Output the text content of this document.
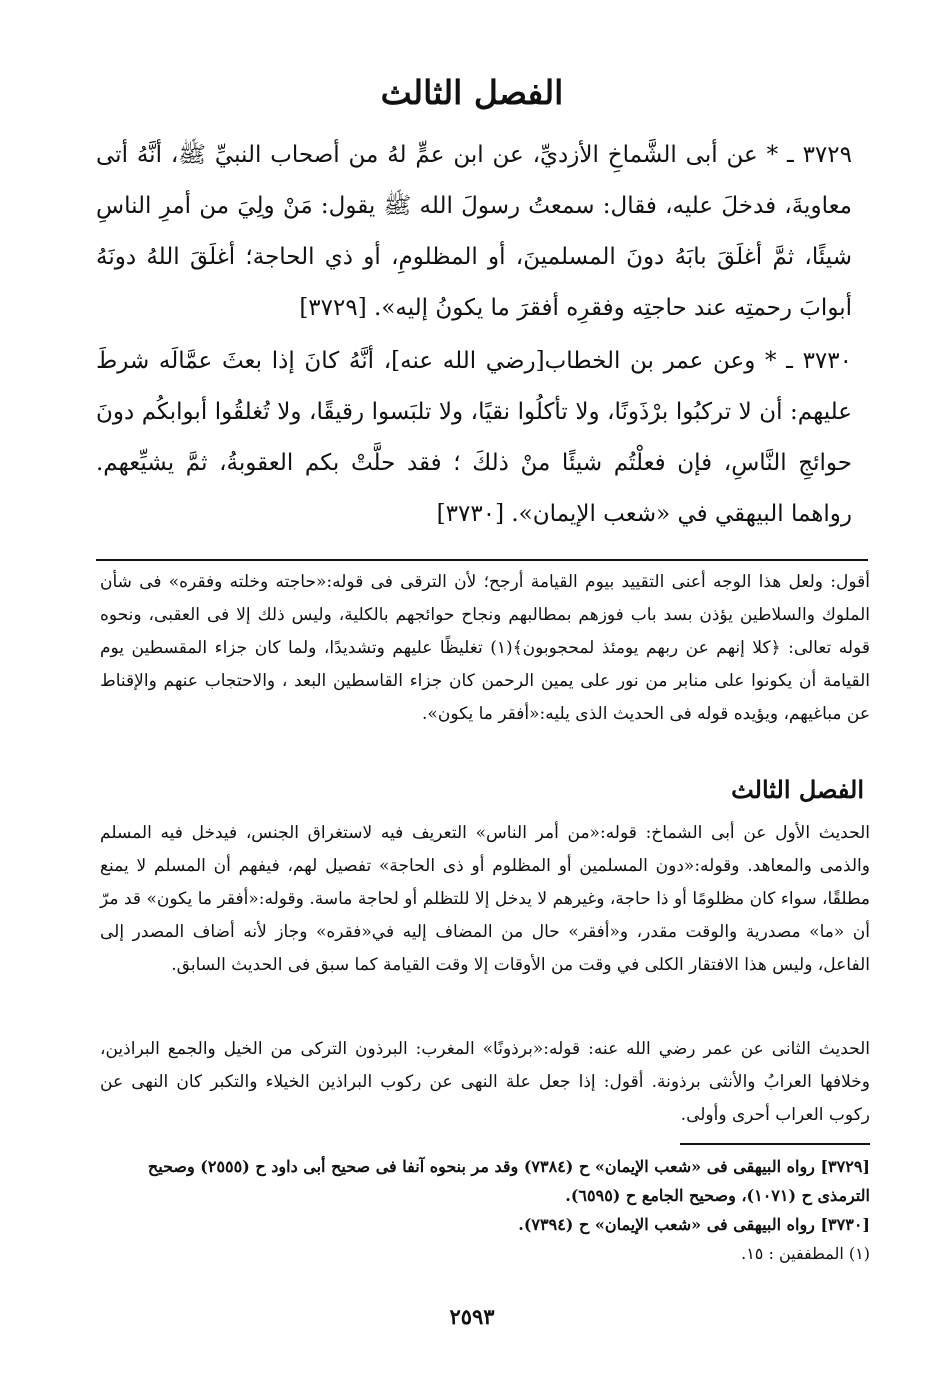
الفصل الثالث

٣٧٢٩ ـ * عن أبى الشَّماخِ الأزديِّ، عن ابن عمٍّ لهُ من أصحاب النبيِّ ﷺ، أنَّهُ أتى معاويةَ، فدخلَ عليه، فقال: سمعتُ رسولَ الله ﷺ يقول: مَنْ ولِيَ من أمرِ الناسِ شيئًا، ثمَّ أغلَقَ بابَهُ دونَ المسلمينَ، أو المظلومِ، أو ذي الحاجة؛ أغلَقَ اللهُ دونَهُ أبوابَ رحمتِه عند حاجتِه وفقرِه أفقرَ ما يكونُ إليه». [٣٧٢٩]

٣٧٣٠ ـ * وعن عمر بن الخطاب[رضي الله عنه]، أنَّهُ كانَ إذا بعثَ عمَّالَه شرطَ عليهم: أن لا تركبُوا برْذَونًا، ولا تأكلُوا نقيًا، ولا تلبَسوا رقيقًا، ولا تُغلقُوا أبوابكُم دونَ حوائجِ النَّاسِ، فإن فعلْتُم شيئًا منْ ذلكَ ؛ فقد حلَّتْ بكم العقوبةُ، ثمَّ يشيِّعهم. رواهما البيهقي في «شعب الإيمان». [٣٧٣٠]

أقول: ولعل هذا الوجه أعنى التقييد بيوم القيامة أرجح؛ لأن الترقى فى قوله:«حاجته وخلته وفقره» فى شأن الملوك والسلاطين يؤذن بسد باب فوزهم بمطالبهم ونجاح حوائجهم بالكلية، وليس ذلك إلا فى العقبى، ونحوه قوله تعالى: ﴿كلا إنهم عن ربهم يومئذ لمحجوبون﴾(١) تغليظًا عليهم وتشديدًا، ولما كان جزاء المقسطين يوم القيامة أن يكونوا على منابر من نور على يمين الرحمن كان جزاء القاسطين البعد ، والاحتجاب عنهم والإقناط عن مباغيهم، ويؤيده قوله فى الحديث الذى يليه:«أفقر ما يكون».

الفصل الثالث

الحديث الأول عن أبى الشماخ: قوله:«من أمر الناس» التعريف فيه لاستغراق الجنس، فيدخل فيه المسلم والذمى والمعاهد. وقوله:«دون المسلمين أو المظلوم أو ذى الحاجة» تفصيل لهم، فيفهم أن المسلم لا يمنع مطلقًا، سواء كان مظلومًا أو ذا حاجة، وغيرهم لا يدخل إلا للتظلم أو لحاجة ماسة. وقوله:«أفقر ما يكون» قد مرّ أن «ما» مصدرية والوقت مقدر، و«أفقر» حال من المضاف إليه في«فقره» وجاز لأنه أضاف المصدر إلى الفاعل، وليس هذا الافتقار الكلى في وقت من الأوقات إلا وقت القيامة كما سبق فى الحديث السابق.

الحديث الثانى عن عمر رضي الله عنه: قوله:«برذونًا» المغرب: البرذون التركى من الخيل والجمع البراذين، وخلافها العرابُ والأنثى برذونة. أقول: إذا جعل علة النهى عن ركوب البراذين الخيلاء والتكبر كان النهى عن ركوب العراب أحرى وأولى.

[٣٧٢٩] رواه البيهقى فى «شعب الإيمان» ح (٧٣٨٤) وقد مر بنحوه آنفا فى صحيح أبى داود ح (٢٥٥٥) وصحيح الترمذى ح (١٠٧١)، وصحيح الجامع ح (٦٥٩٥).

[٣٧٣٠] رواه البيهقى فى «شعب الإيمان» ح (٧٣٩٤).

(١) المطففين : ١٥.

٢٥٩٣
